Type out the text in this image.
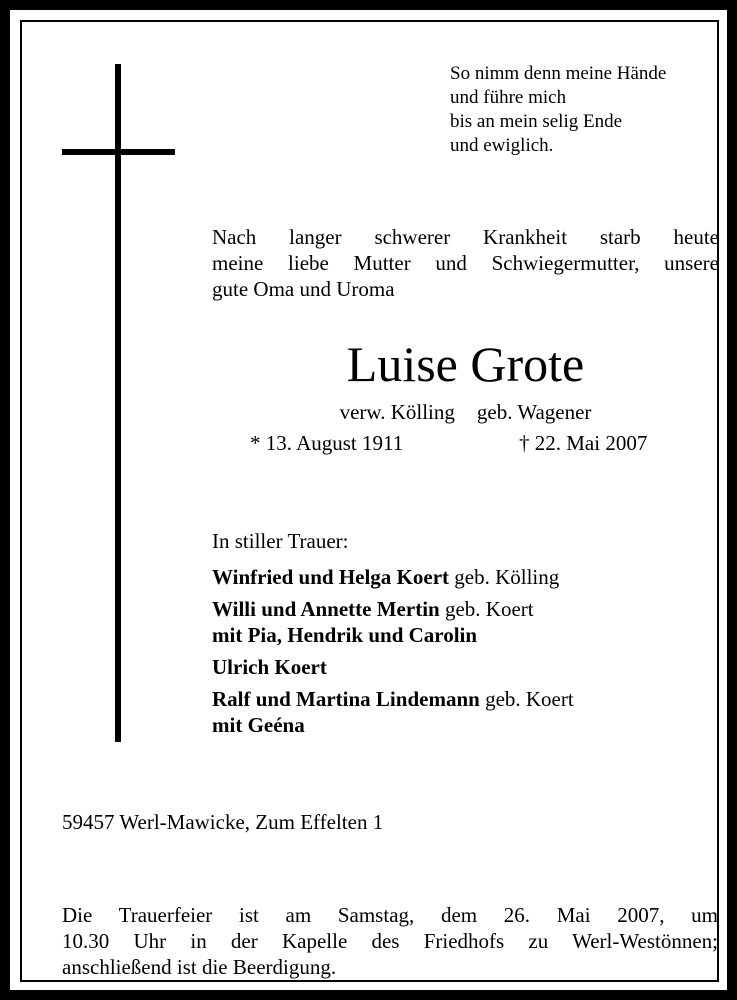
So nimm denn meine Hände
und führe mich
bis an mein selig Ende
und ewiglich.
Nach langer schwerer Krankheit starb heute
meine liebe Mutter und Schwiegermutter, unsere
gute Oma und Uroma
Luise Grote
verw. Kölling geb. Wagener
* 13. August 1911	† 22. Mai 2007
In stiller Trauer:
Winfried und Helga Koert geb. Kölling
Willi und Annette Mertin geb. Koert
mit Pia, Hendrik und Carolin
Ulrich Koert
Ralf und Martina Lindemann geb. Koert
mit Geéna
59457 Werl-Mawicke, Zum Effelten 1
Die Trauerfeier ist am Samstag, dem 26. Mai 2007, um
10.30 Uhr in der Kapelle des Friedhofs zu Werl-Westönnen;
anschließend ist die Beerdigung.
